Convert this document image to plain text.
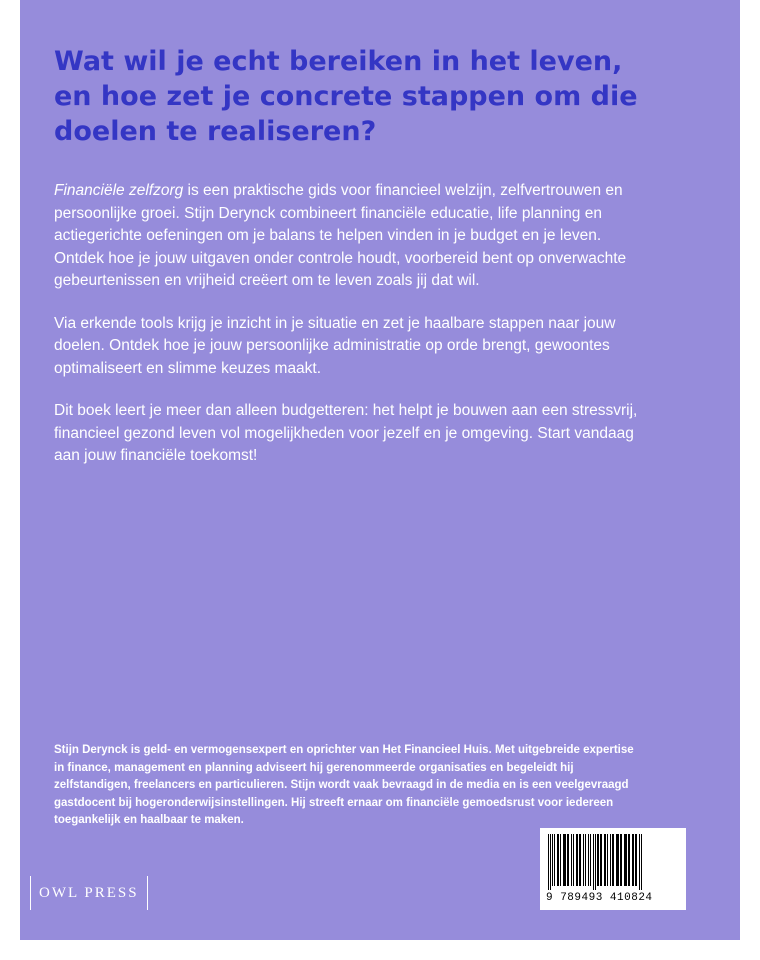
Wat wil je echt bereiken in het leven,
en hoe zet je concrete stappen om die
doelen te realiseren?

Financiële zelfzorg is een praktische gids voor financieel welzijn, zelfvertrouwen en persoonlijke groei. Stijn Derynck combineert financiële educatie, life planning en actiegerichte oefeningen om je balans te helpen vinden in je budget en je leven. Ontdek hoe je jouw uitgaven onder controle houdt, voorbereid bent op onverwachte gebeurtenissen en vrijheid creëert om te leven zoals jij dat wil.

Via erkende tools krijg je inzicht in je situatie en zet je haalbare stappen naar jouw doelen. Ontdek hoe je jouw persoonlijke administratie op orde brengt, gewoontes optimaliseert en slimme keuzes maakt.

Dit boek leert je meer dan alleen budgetteren: het helpt je bouwen aan een stressvrij, financieel gezond leven vol mogelijkheden voor jezelf en je omgeving. Start vandaag aan jouw financiële toekomst!

Stijn Derynck is geld- en vermogensexpert en oprichter van Het Financieel Huis. Met uitgebreide expertise in finance, management en planning adviseert hij gerenommeerde organisaties en begeleidt hij zelfstandigen, freelancers en particulieren. Stijn wordt vaak bevraagd in de media en is een veelgevraagd gastdocent bij hogeronderwijsinstellingen. Hij streeft ernaar om financiële gemoedsrust voor iedereen toegankelijk en haalbaar te maken.

OWL PRESS	9 789493 410824
